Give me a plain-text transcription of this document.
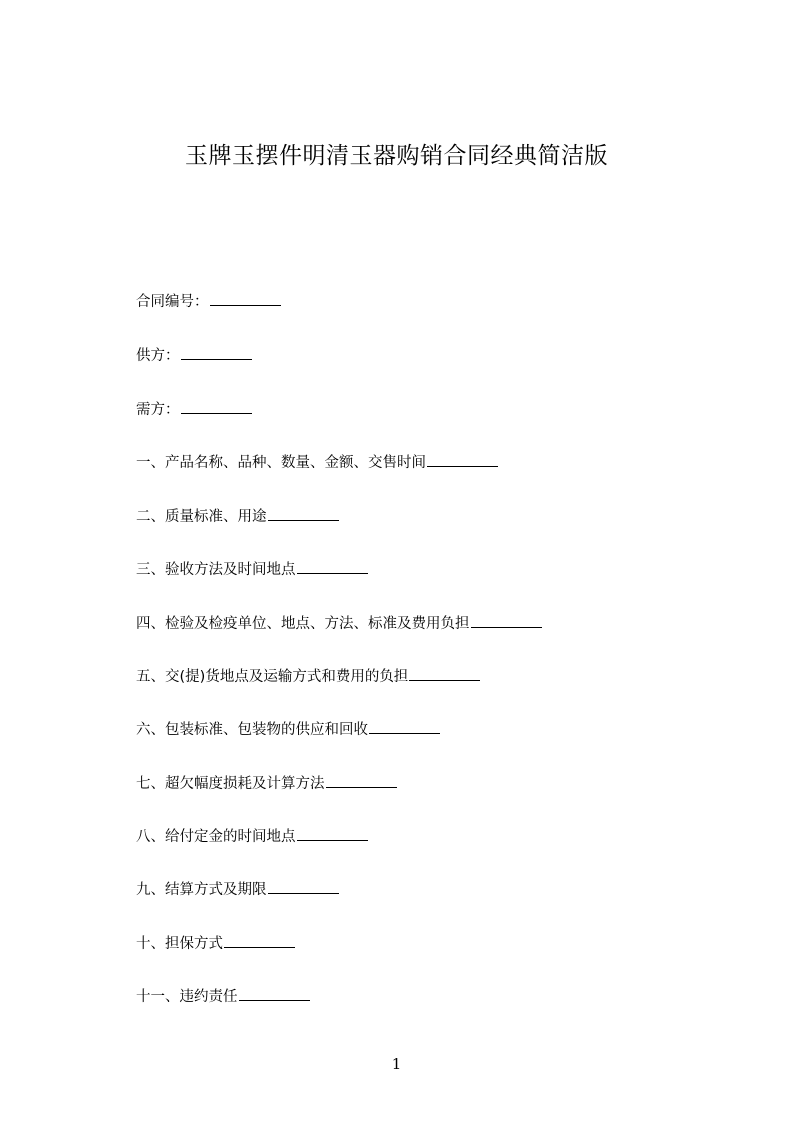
玉牌玉摆件明清玉器购销合同经典简洁版
合同编号：
供方：
需方：
一、产品名称、品种、数量、金额、交售时间
二、质量标准、用途
三、验收方法及时间地点
四、检验及检疫单位、地点、方法、标准及费用负担
五、交(提)货地点及运输方式和费用的负担
六、包装标准、包装物的供应和回收
七、超欠幅度损耗及计算方法
八、给付定金的时间地点
九、结算方式及期限
十、担保方式
十一、违约责任
1
